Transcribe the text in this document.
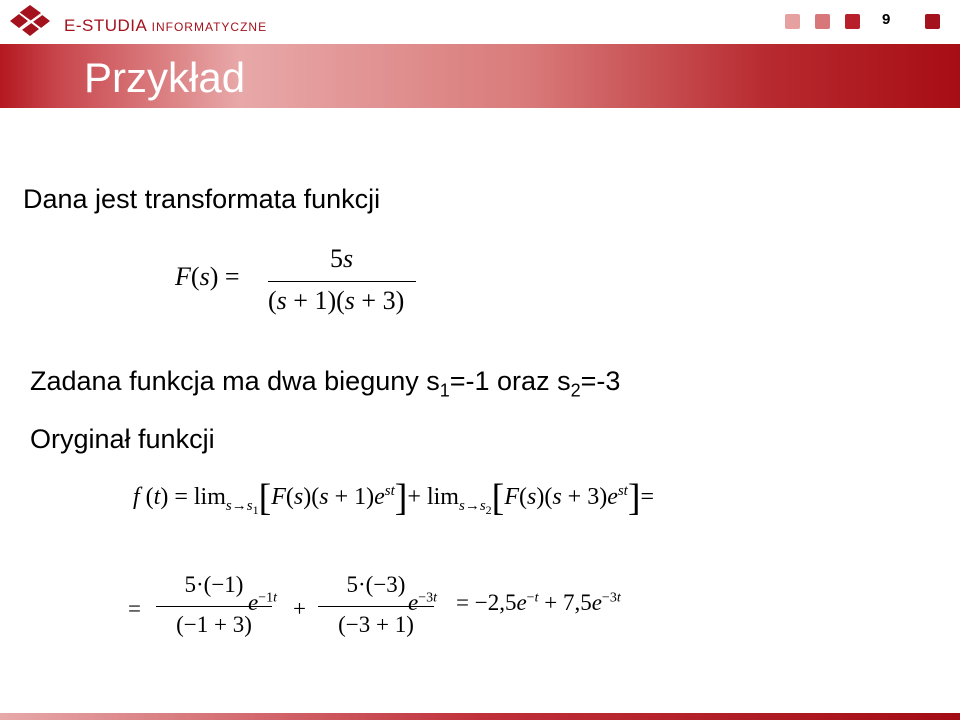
E-STUDIA INFORMATYCZNE	9
Przykład
Dana jest transformata funkcji
F(s) =
5s
(s + 1)(s + 3)
Zadana funkcja ma dwa bieguny $s_1=-1$ oraz $s_2=-3$
Oryginał funkcji
f $(t) = \lim_{s\to s_1}[F(s)(s + 1)e^{st}]+ \lim_{s\to s_2}[F(s)(s + 3)e^{st}]=$
=
5·(−1)
(−1 + 3)
$e^{-1t}$ +
5·(−3)
(−3 + 1)
$e^{-3t} = -2,5e^{-t} + 7,5e^{-3t}$
